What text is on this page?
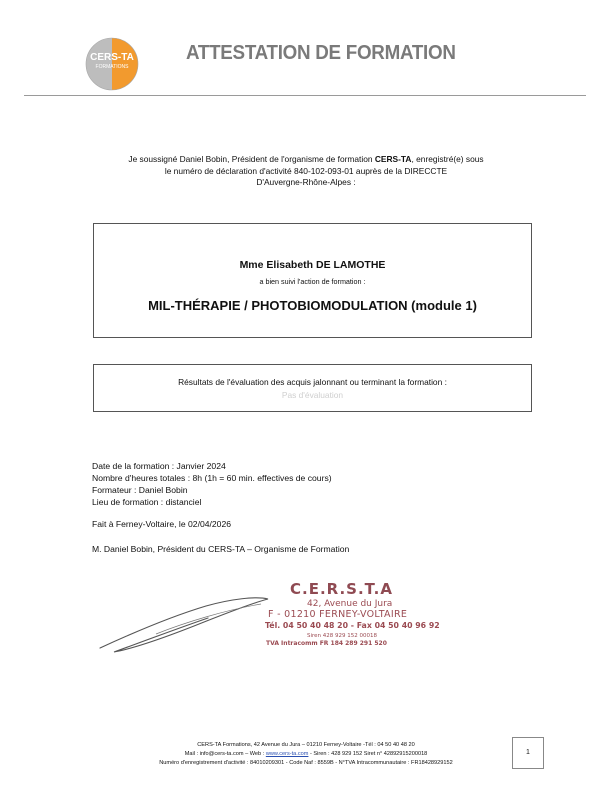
CERS-TA
FORMATIONS
ATTESTATION DE FORMATION
Je soussigné Daniel Bobin, Président de l'organisme de formation CERS-TA, enregistré(e) sous
le numéro de déclaration d'activité 840-102-093-01 auprès de la DIRECCTE
D'Auvergne-Rhône-Alpes :
Mme Elisabeth DE LAMOTHE
a bien suivi l'action de formation :
MIL-THÉRAPIE / PHOTOBIOMODULATION (module 1)
Résultats de l'évaluation des acquis jalonnant ou terminant la formation :
Pas d'évaluation
Date de la formation : Janvier 2024
Nombre d'heures totales : 8h (1h = 60 min. effectives de cours)
Formateur : Daniel Bobin
Lieu de formation : distanciel
Fait à Ferney-Voltaire, le 02/04/2026
M. Daniel Bobin, Président du CERS-TA – Organisme de Formation
C.E.R.S.T.A
42, Avenue du Jura
F - 01210 FERNEY-VOLTAIRE
Tél. 04 50 40 48 20 - Fax 04 50 40 96 92
Siren 428 929 152 00018
TVA Intracomm FR 184 289 291 520
CERS-TA Formations, 42 Avenue du Jura – 01210 Ferney-Voltaire -Tél : 04 50 40 48 20
Mail : info@cers-ta.com – Web : www.cers-ta.com - Siren : 428 929 152 Siret n° 42892915200018
Numéro d'enregistrement d'activité : 84010209301 - Code Naf : 8559B - N°TVA Intracommunautaire : FR18428929152
1
